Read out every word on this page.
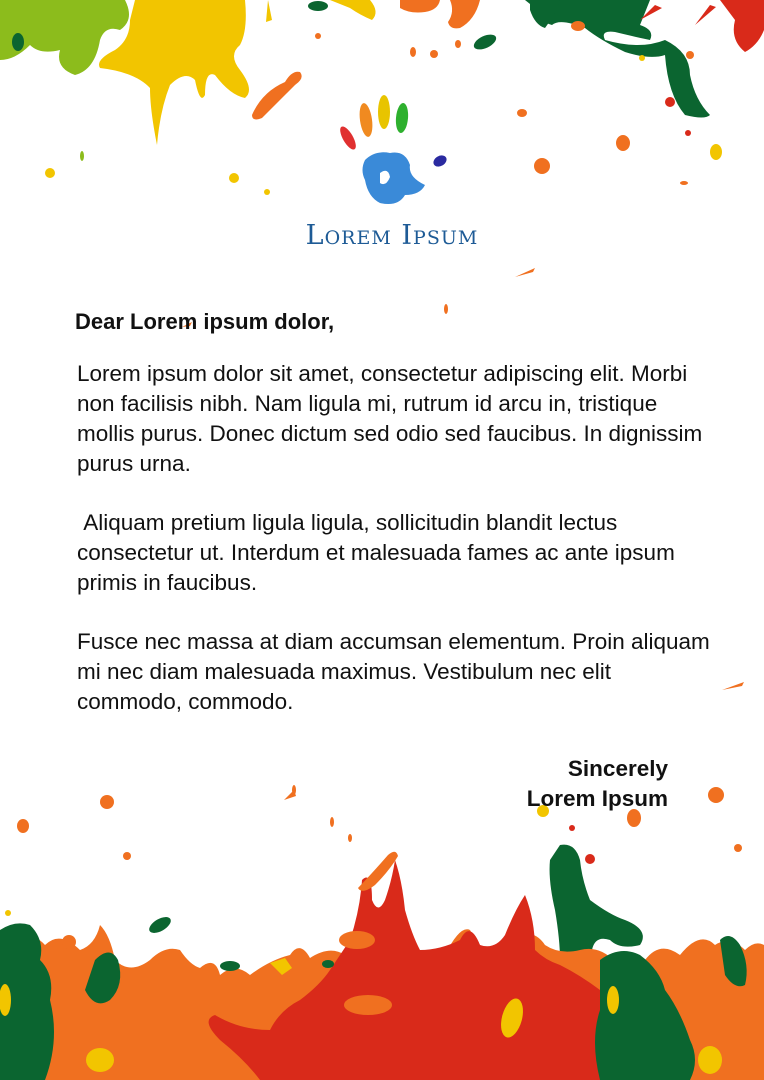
Lorem Ipsum
Dear Lorem ipsum dolor,

Lorem ipsum dolor sit amet, consectetur adipiscing elit. Morbi non facilisis nibh. Nam ligula mi, rutrum id arcu in, tristique mollis purus. Donec dictum sed odio sed faucibus. In dignissim purus urna.

Aliquam pretium ligula ligula, sollicitudin blandit lectus consectetur ut. Interdum et malesuada fames ac ante ipsum primis in faucibus.

Fusce nec massa at diam accumsan elementum. Proin aliquam mi nec diam malesuada maximus. Vestibulum nec elit commodo, commodo.

Sincerely
Lorem Ipsum
